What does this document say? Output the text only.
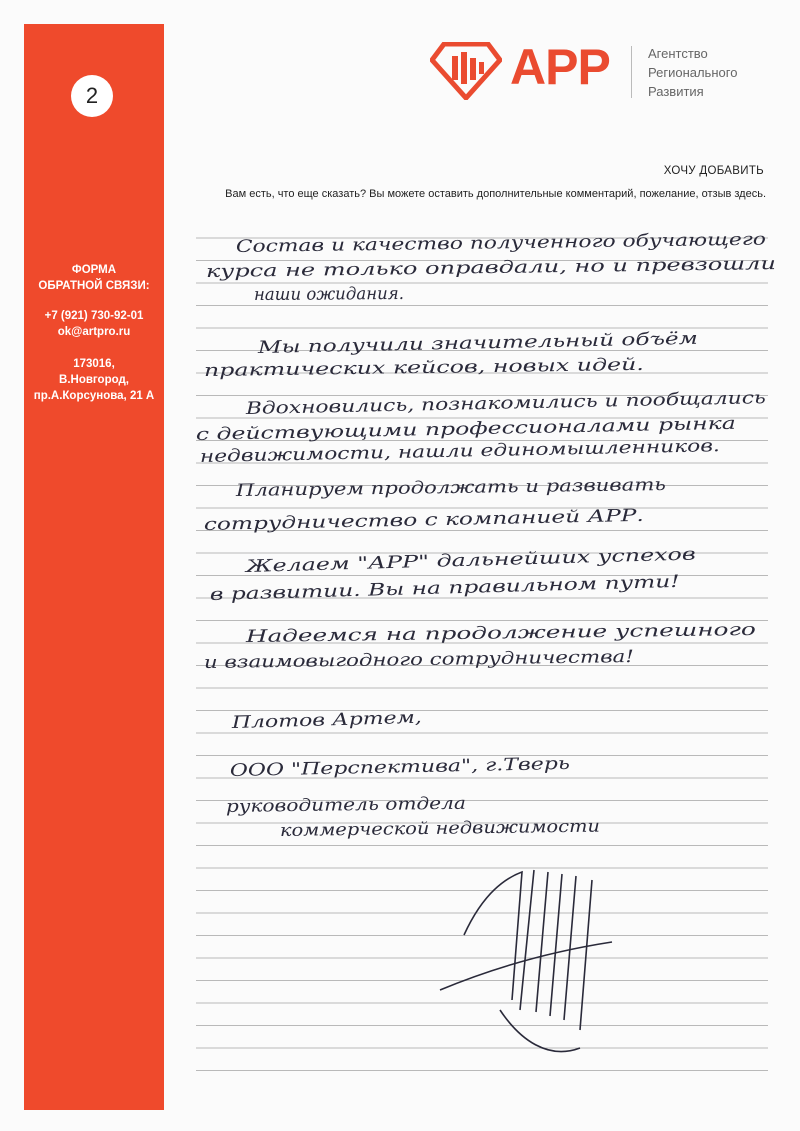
2
ФОРМА
ОБРАТНОЙ СВЯЗИ:
+7 (921) 730-92-01
ok@artpro.ru
173016,
В.Новгород,
пр.А.Корсунова, 21 А
АРР	Агентство
Регионального
Развития
ХОЧУ ДОБАВИТЬ
Вам есть, что еще сказать? Вы можете оставить дополнительные комментарий, пожелание, отзыв здесь.
Состав и качество полученного обучающего
курса не только оправдали, но и превзошли
наши ожидания.
Мы получили значительный объём
практических кейсов, новых идей.
Вдохновились, познакомились и пообщались
с действующими профессионалами рынка
недвижимости, нашли единомышленников.
Планируем продолжать и развивать
сотрудничество с компанией АРР.
Желаем "АРР" дальнейших успехов
в развитии. Вы на правильном пути!
Надеемся на продолжение успешного
и взаимовыгодного сотрудничества!
Плотов Артем,
ООО "Перспектива", г.Тверь
руководитель отдела
коммерческой недвижимости
